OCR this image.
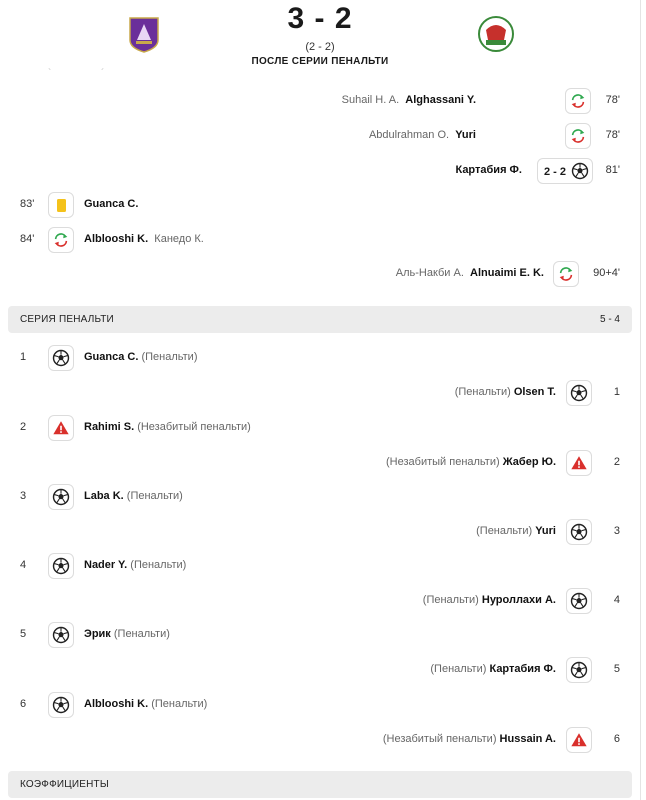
3 - 2
(2 - 2)
ПОСЛЕ СЕРИИ ПЕНАЛЬТИ
Suhail H. A. Alghassani Y.	78'
Abdulrahman O. Yuri	78'
Картабия Ф. 2 - 2	81'
83'	Guanca C.
84'	Alblooshi K. Канедо К.
Аль-Накби А. Alnuaimi E. K.	90+4'
СЕРИЯ ПЕНАЛЬТИ	5 - 4
1	Guanca C. (Пенальти)
(Пенальти) Olsen T.	1
2	Rahimi S. (Незабитый пенальти)
(Незабитый пенальти) Жабер Ю.	2
3	Laba K. (Пенальти)
(Пенальти) Yuri	3
4	Nader Y. (Пенальти)
(Пенальти) Нуроллахи А.	4
5	Эрик (Пенальти)
(Пенальти) Картабия Ф.	5
6	Alblooshi K. (Пенальти)
(Незабитый пенальти) Hussain A.	6
КОЭФФИЦИЕНТЫ
